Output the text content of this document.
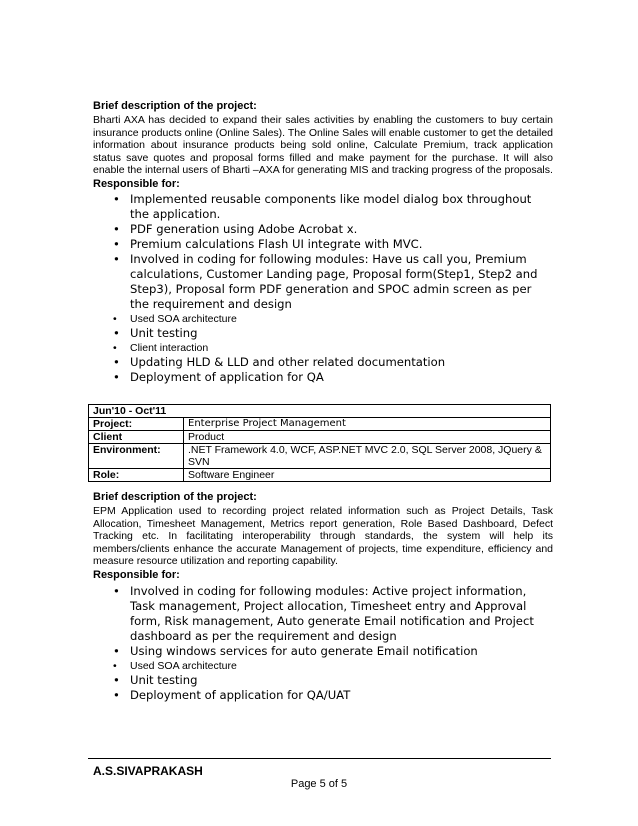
Brief description of the project:

Bharti AXA has decided to expand their sales activities by enabling the customers to buy certain insurance products online (Online Sales). The Online Sales will enable customer to get the detailed information about insurance products being sold online, Calculate Premium, track application status save quotes and proposal forms filled and make payment for the purchase. It will also enable the internal users of Bharti –AXA for generating MIS and tracking progress of the proposals.

Responsible for:

• Implemented reusable components like model dialog box throughout the application.
• PDF generation using Adobe Acrobat x.
• Premium calculations Flash UI integrate with MVC.
• Involved in coding for following modules: Have us call you, Premium calculations, Customer Landing page, Proposal form(Step1, Step2 and Step3), Proposal form PDF generation and SPOC admin screen as per the requirement and design
• Used SOA architecture
• Unit testing
• Client interaction
• Updating HLD & LLD and other related documentation
• Deployment of application for QA
Jun'10 - Oct'11	
Project:	Enterprise Project Management
Client	Product
Environment:	.NET Framework 4.0, WCF, ASP.NET MVC 2.0, SQL Server 2008, JQuery & SVN
Role:	Software Engineer

Brief description of the project:

EPM Application used to recording project related information such as Project Details, Task Allocation, Timesheet Management, Metrics report generation, Role Based Dashboard, Defect Tracking etc. In facilitating interoperability through standards, the system will help its members/clients enhance the accurate Management of projects, time expenditure, efficiency and measure resource utilization and reporting capability.

Responsible for:

• Involved in coding for following modules: Active project information, Task management, Project allocation, Timesheet entry and Approval form, Risk management, Auto generate Email notification and Project dashboard as per the requirement and design
• Using windows services for auto generate Email notification
• Used SOA architecture
• Unit testing
• Deployment of application for QA/UAT
A.S.SIVAPRAKASH
Page 5 of 5
